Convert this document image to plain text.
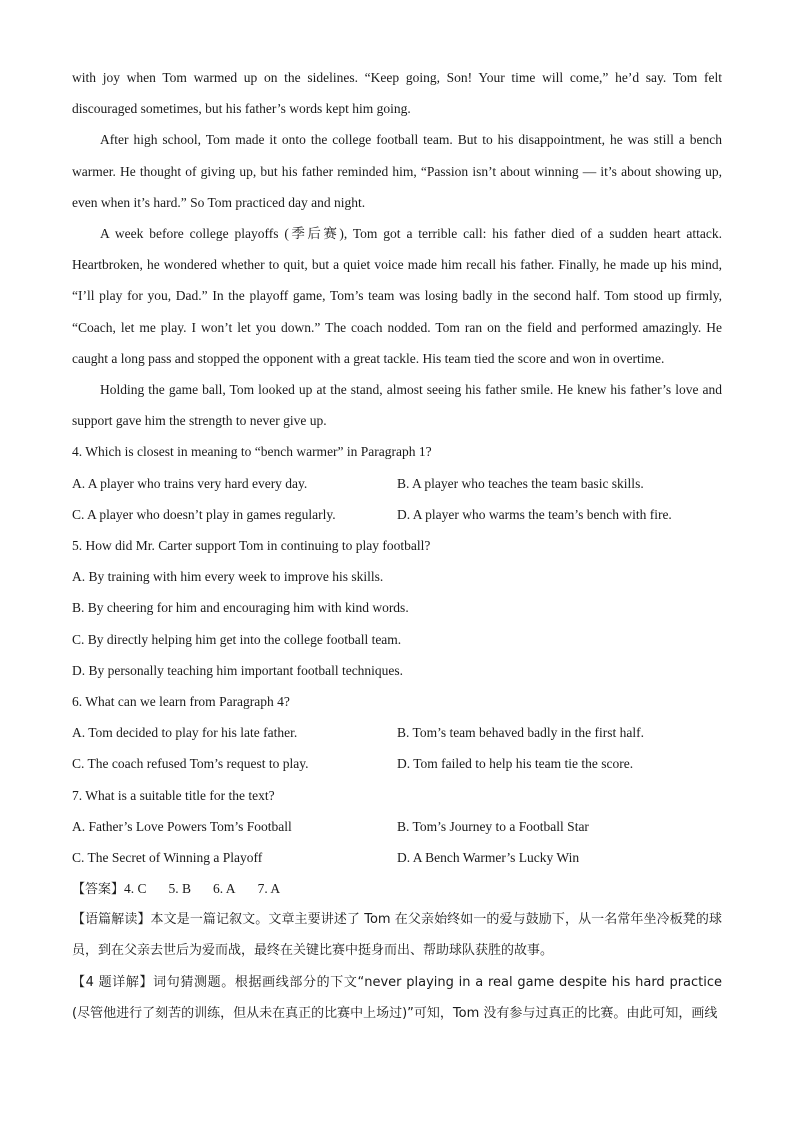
with joy when Tom warmed up on the sidelines. “Keep going, Son! Your time will come,” he’d say. Tom felt discouraged sometimes, but his father’s words kept him going.

After high school, Tom made it onto the college football team. But to his disappointment, he was still a bench warmer. He thought of giving up, but his father reminded him, “Passion isn’t about winning — it’s about showing up, even when it’s hard.” So Tom practiced day and night.

A week before college playoffs (季后赛), Tom got a terrible call: his father died of a sudden heart attack. Heartbroken, he wondered whether to quit, but a quiet voice made him recall his father. Finally, he made up his mind, “I’ll play for you, Dad.” In the playoff game, Tom’s team was losing badly in the second half. Tom stood up firmly, “Coach, let me play. I won’t let you down.” The coach nodded. Tom ran on the field and performed amazingly. He caught a long pass and stopped the opponent with a great tackle. His team tied the score and won in overtime.

Holding the game ball, Tom looked up at the stand, almost seeing his father smile. He knew his father’s love and support gave him the strength to never give up.

4. Which is closest in meaning to “bench warmer” in Paragraph 1?
A. A player who trains very hard every day.	B. A player who teaches the team basic skills.
C. A player who doesn’t play in games regularly.	D. A player who warms the team’s bench with fire.
5. How did Mr. Carter support Tom in continuing to play football?
A. By training with him every week to improve his skills.
B. By cheering for him and encouraging him with kind words.
C. By directly helping him get into the college football team.
D. By personally teaching him important football techniques.
6. What can we learn from Paragraph 4?
A. Tom decided to play for his late father.	B. Tom’s team behaved badly in the first half.
C. The coach refused Tom’s request to play.	D. Tom failed to help his team tie the score.
7. What is a suitable title for the text?
A. Father’s Love Powers Tom’s Football	B. Tom’s Journey to a Football Star
C. The Secret of Winning a Playoff	D. A Bench Warmer’s Lucky Win
【答案】4. C 5. B 6. A 7. A

【语篇解读】本文是一篇记叙文。文章主要讲述了 Tom 在父亲始终如一的爱与鼓励下，从一名常年坐冷板凳的球员，到在父亲去世后为爱而战，最终在关键比赛中挺身而出、帮助球队获胜的故事。

【4 题详解】词句猜测题。根据画线部分的下文“never playing in a real game despite his hard practice (尽管他进行了刻苦的训练，但从未在真正的比赛中上场过)”可知，Tom 没有参与过真正的比赛。由此可知，画线
